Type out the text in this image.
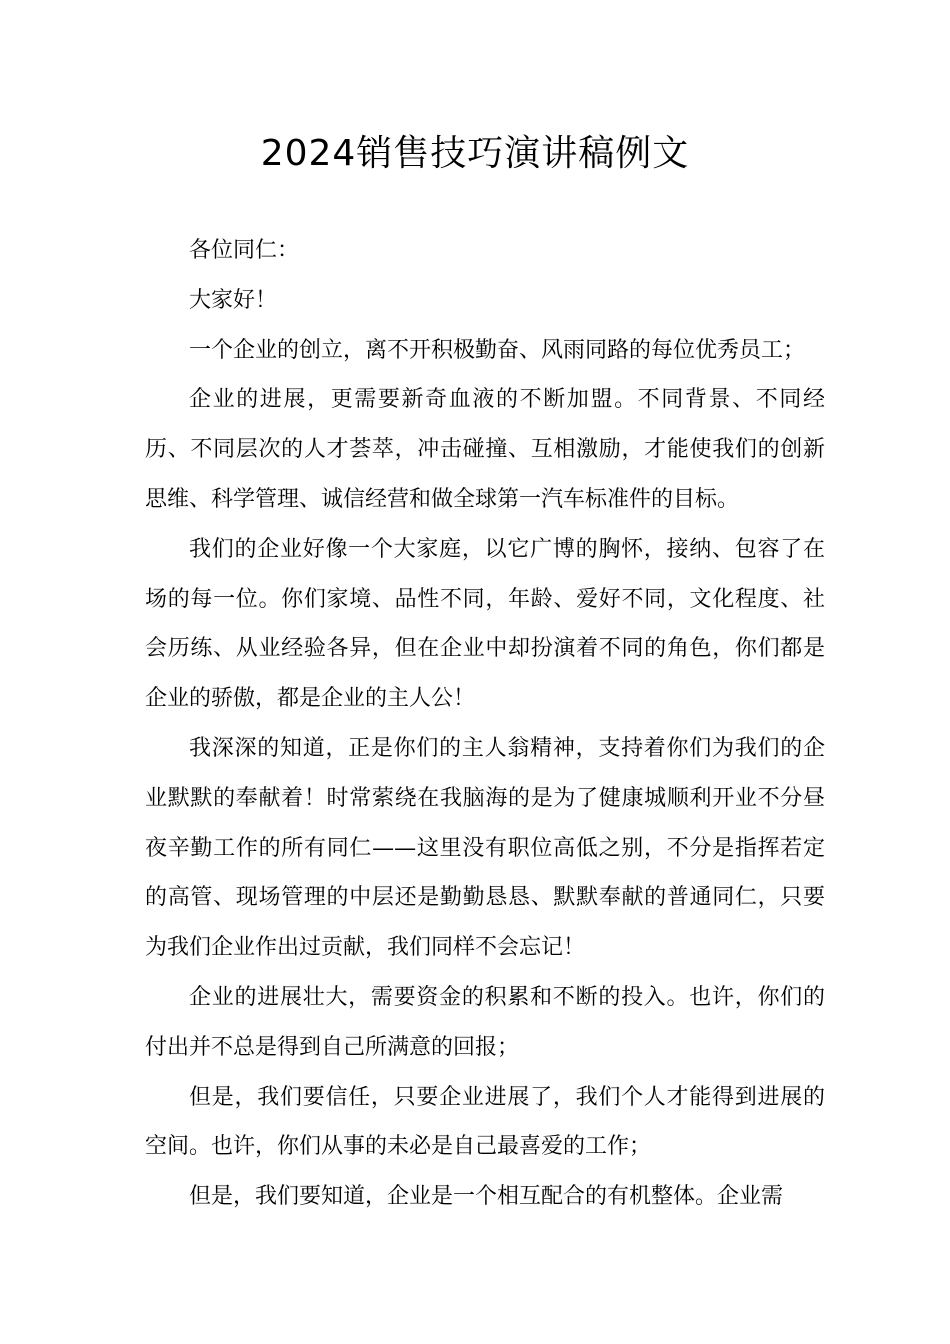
2024销售技巧演讲稿例文

各位同仁：

大家好！

一个企业的创立，离不开积极勤奋、风雨同路的每位优秀员工；

企业的进展，更需要新奇血液的不断加盟。不同背景、不同经历、不同层次的人才荟萃，冲击碰撞、互相激励，才能使我们的创新思维、科学管理、诚信经营和做全球第一汽车标准件的目标。

我们的企业好像一个大家庭，以它广博的胸怀，接纳、包容了在场的每一位。你们家境、品性不同，年龄、爱好不同，文化程度、社会历练、从业经验各异，但在企业中却扮演着不同的角色，你们都是企业的骄傲，都是企业的主人公！

我深深的知道，正是你们的主人翁精神，支持着你们为我们的企业默默的奉献着！时常萦绕在我脑海的是为了健康城顺利开业不分昼夜辛勤工作的所有同仁——这里没有职位高低之别，不分是指挥若定的高管、现场管理的中层还是勤勤恳恳、默默奉献的普通同仁，只要为我们企业作出过贡献，我们同样不会忘记！

企业的进展壮大，需要资金的积累和不断的投入。也许，你们的付出并不总是得到自己所满意的回报；

但是，我们要信任，只要企业进展了，我们个人才能得到进展的空间。也许，你们从事的未必是自己最喜爱的工作；

但是，我们要知道，企业是一个相互配合的有机整体。企业需
